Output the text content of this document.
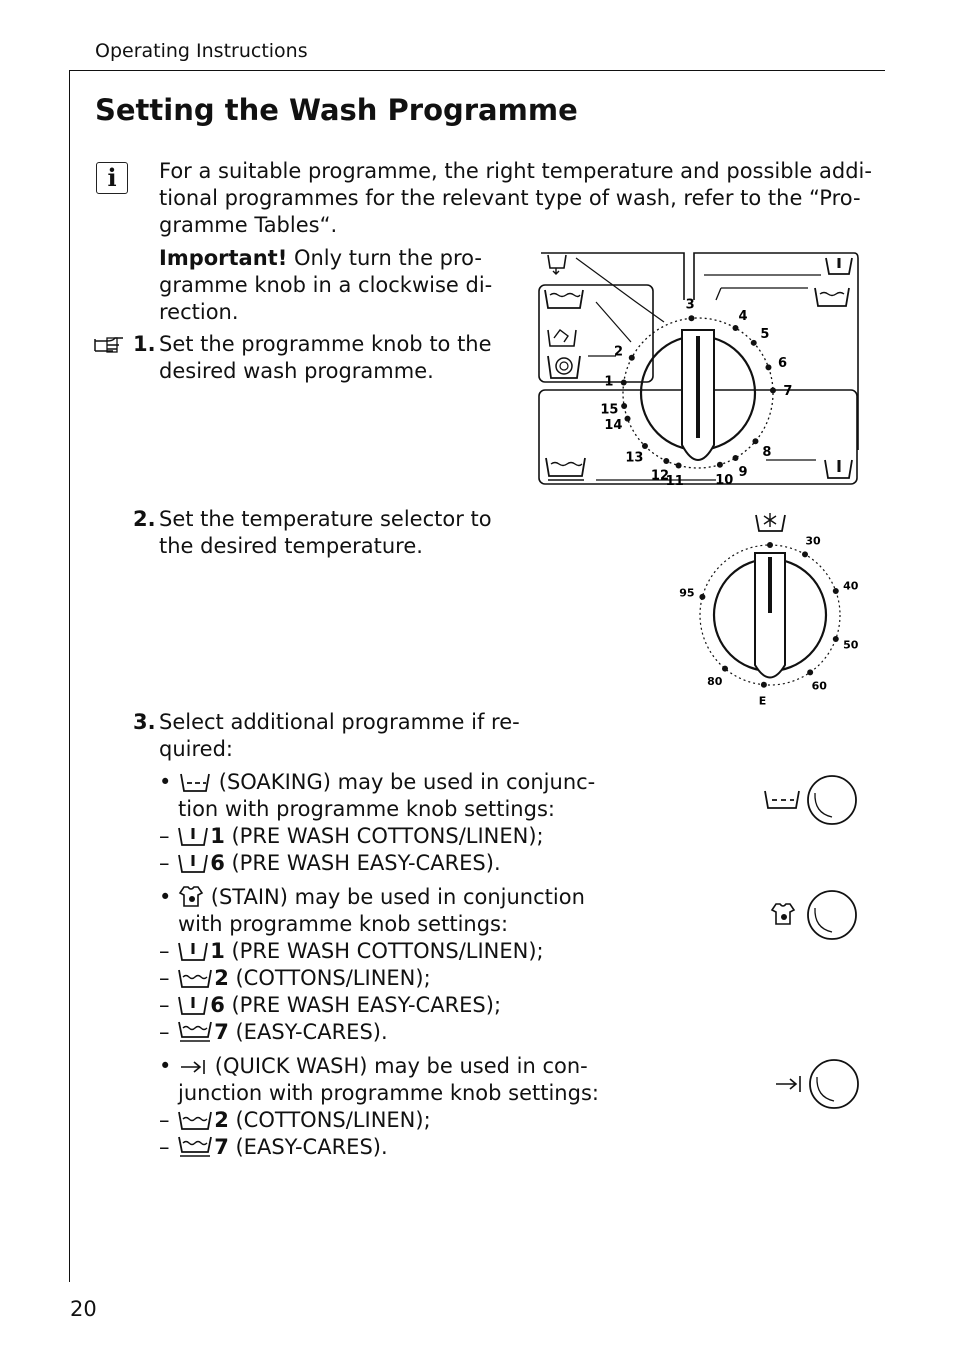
Operating Instructions
Setting the Wash Programme
i	For a suitable programme, the right temperature and possible addi-
tional programmes for the relevant type of wash, refer to the “Pro-
gramme Tables“.
Important! Only turn the pro-
gramme knob in a clockwise di-
rection.
1. Set the programme knob to the
desired wash programme.
15
1
2
3
4
5
6
7
8
9
10
11
12
13
14
2. Set the temperature selector to
the desired temperature.	30
40
50
60
E
80
95
3. Select additional programme if re-
quired:
•  (SOAKING) may be used in conjunc-
tion with programme knob settings:
– 1 (PRE WASH COTTONS/LINEN);
– 6 (PRE WASH EASY-CARES).
•  (STAIN) may be used in conjunction
with programme knob settings:
– 1 (PRE WASH COTTONS/LINEN);
– 2 (COTTONS/LINEN);
– 6 (PRE WASH EASY-CARES);
– 7 (EASY-CARES).
•  (QUICK WASH) may be used in con-
junction with programme knob settings:
– 2 (COTTONS/LINEN);
– 7 (EASY-CARES).
20
